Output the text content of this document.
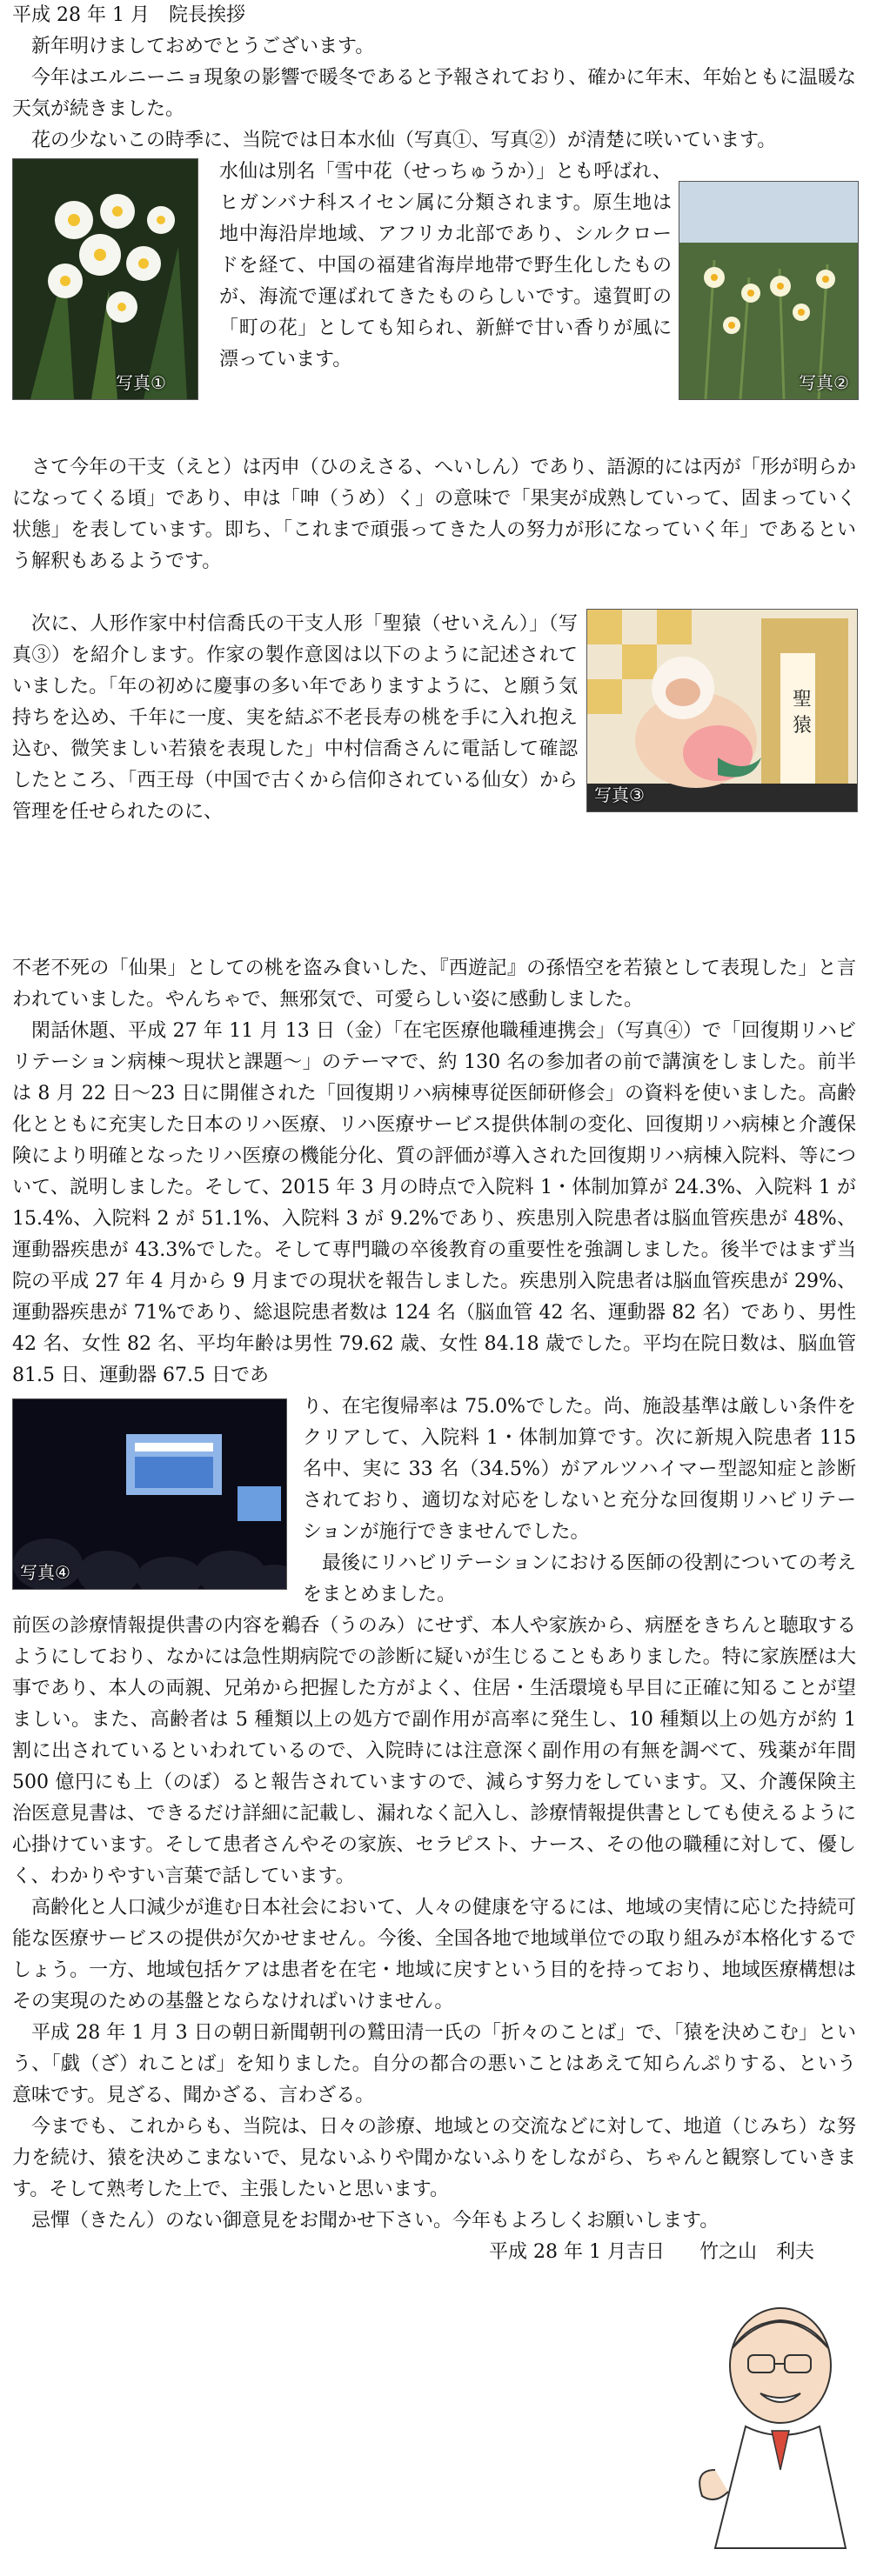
平成 28 年 1 月　院長挨拶

新年明けましておめでとうございます。

今年はエルニーニョ現象の影響で暖冬であると予報されており、確かに年末、年始ともに温暖な天気が続きました。

花の少ないこの時季に、当院では日本水仙（写真①、写真②）が清楚に咲いています。

写真①

水仙は別名「雪中花（せっちゅうか）」とも呼ばれ、ヒガンバナ科スイセン属に分類されます。原生地は地中海沿岸地域、アフリカ北部であり、シルクロードを経て、中国の福建省海岸地帯で野生化したものが、海流で運ばれてきたものらしいです。遠賀町の「町の花」としても知られ、新鮮で甘い香りが風に漂っています。

写真②

さて今年の干支（えと）は丙申（ひのえさる、へいしん）であり、語源的には丙が「形が明らかになってくる頃」であり、申は「呻（うめ）く」の意味で「果実が成熟していって、固まっていく状態」を表しています。即ち、「これまで頑張ってきた人の努力が形になっていく年」であるという解釈もあるようです。

次に、人形作家中村信喬氏の干支人形「聖猿（せいえん）」（写真③）を紹介します。作家の製作意図は以下のように記述されていました。「年の初めに慶事の多い年でありますように、と願う気持ちを込め、千年に一度、実を結ぶ不老長寿の桃を手に入れ抱え込む、微笑ましい若猿を表現した」中村信喬さんに電話して確認したところ、「西王母（中国で古くから信仰されている仙女）から管理を任せられたのに、

聖
猿
写真③

不老不死の「仙果」としての桃を盗み食いした、『西遊記』の孫悟空を若猿として表現した」と言われていました。やんちゃで、無邪気で、可愛らしい姿に感動しました。

閑話休題、平成 27 年 11 月 13 日（金）「在宅医療他職種連携会」（写真④）で「回復期リハビリテーション病棟～現状と課題～」のテーマで、約 130 名の参加者の前で講演をしました。前半は 8 月 22 日～23 日に開催された「回復期リハ病棟専従医師研修会」の資料を使いました。高齢化とともに充実した日本のリハ医療、リハ医療サービス提供体制の変化、回復期リハ病棟と介護保険により明確となったリハ医療の機能分化、質の評価が導入された回復期リハ病棟入院料、等について、説明しました。そして、2015 年 3 月の時点で入院料 1・体制加算が 24.3%、入院料 1 が 15.4%、入院料 2 が 51.1%、入院料 3 が 9.2%であり、疾患別入院患者は脳血管疾患が 48%、運動器疾患が 43.3%でした。そして専門職の卒後教育の重要性を強調しました。後半ではまず当院の平成 27 年 4 月から 9 月までの現状を報告しました。疾患別入院患者は脳血管疾患が 29%、運動器疾患が 71%であり、総退院患者数は 124 名（脳血管 42 名、運動器 82 名）であり、男性 42 名、女性 82 名、平均年齢は男性 79.62 歳、女性 84.18 歳でした。平均在院日数は、脳血管 81.5 日、運動器 67.5 日であ

写真④

り、在宅復帰率は 75.0%でした。尚、施設基準は厳しい条件をクリアして、入院料 1・体制加算です。次に新規入院患者 115 名中、実に 33 名（34.5%）がアルツハイマー型認知症と診断されており、適切な対応をしないと充分な回復期リハビリテーションが施行できませんでした。

最後にリハビリテーションにおける医師の役割についての考えをまとめました。

前医の診療情報提供書の内容を鵜呑（うのみ）にせず、本人や家族から、病歴をきちんと聴取するようにしており、なかには急性期病院での診断に疑いが生じることもありました。特に家族歴は大事であり、本人の両親、兄弟から把握した方がよく、住居・生活環境も早目に正確に知ることが望ましい。また、高齢者は 5 種類以上の処方で副作用が高率に発生し、10 種類以上の処方が約 1 割に出されているといわれているので、入院時には注意深く副作用の有無を調べて、残薬が年間 500 億円にも上（のぼ）ると報告されていますので、減らす努力をしています。又、介護保険主治医意見書は、できるだけ詳細に記載し、漏れなく記入し、診療情報提供書としても使えるように心掛けています。そして患者さんやその家族、セラピスト、ナース、その他の職種に対して、優しく、わかりやすい言葉で話しています。

高齢化と人口減少が進む日本社会において、人々の健康を守るには、地域の実情に応じた持続可能な医療サービスの提供が欠かせません。今後、全国各地で地域単位での取り組みが本格化するでしょう。一方、地域包括ケアは患者を在宅・地域に戻すという目的を持っており、地域医療構想はその実現のための基盤とならなければいけません。

平成 28 年 1 月 3 日の朝日新聞朝刊の鷲田清一氏の「折々のことば」で、「猿を決めこむ」という、「戯（ざ）れことば」を知りました。自分の都合の悪いことはあえて知らんぷりする、という意味です。見ざる、聞かざる、言わざる。

今までも、これからも、当院は、日々の診療、地域との交流などに対して、地道（じみち）な努力を続け、猿を決めこまないで、見ないふりや聞かないふりをしながら、ちゃんと観察していきます。そして熟考した上で、主張したいと思います。

忌憚（きたん）のない御意見をお聞かせ下さい。今年もよろしくお願いします。

平成 28 年 1 月吉日 竹之山　利夫
